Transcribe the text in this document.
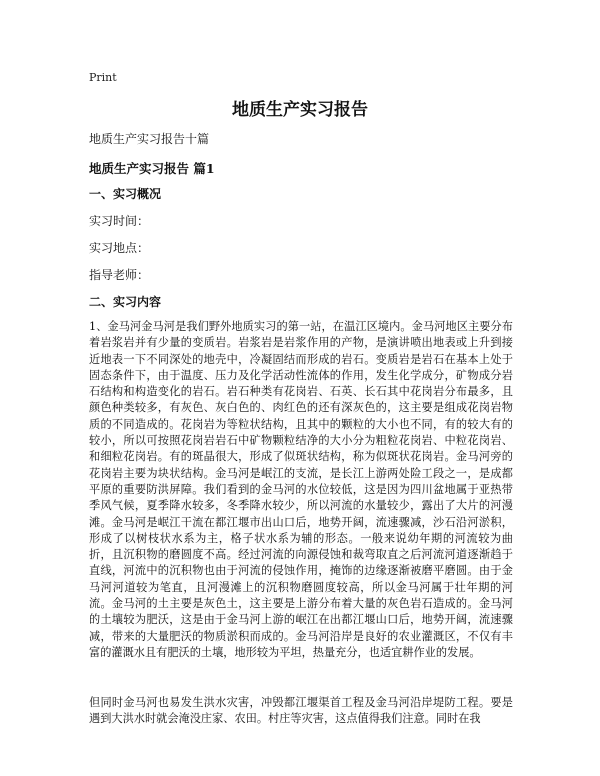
Print
地质生产实习报告
地质生产实习报告十篇
地质生产实习报告 篇1
一、实习概况
实习时间：
实习地点：
指导老师：
二、实习内容

1、金马河金马河是我们野外地质实习的第一站，在温江区境内。金马河地区主要分布着岩浆岩并有少量的变质岩。岩浆岩是岩浆作用的产物，是演讲喷出地表或上升到接近地表一下不同深处的地壳中，冷凝固结而形成的岩石。变质岩是岩石在基本上处于固态条件下，由于温度、压力及化学活动性流体的作用，发生化学成分，矿物成分岩石结构和构造变化的岩石。岩石种类有花岗岩、石英、长石其中花岗岩分布最多，且颜色种类较多，有灰色、灰白色的、肉红色的还有深灰色的，这主要是组成花岗岩物质的不同造成的。花岗岩为等粒状结构，且其中的颗粒的大小也不同，有的较大有的较小，所以可按照花岗岩岩石中矿物颗粒结净的大小分为粗粒花岗岩、中粒花岗岩、和细粒花岗岩。有的斑晶很大，形成了似斑状结构，称为似斑状花岗岩。金马河旁的花岗岩主要为块状结构。金马河是岷江的支流，是长江上游两处险工段之一，是成都平原的重要防洪屏障。我们看到的金马河的水位较低，这是因为四川盆地属于亚热带季风气候，夏季降水较多，冬季降水较少，所以河流的水量较少，露出了大片的河漫滩。金马河是岷江干流在都江堰市出山口后，地势开阔，流速骤减，沙石沿河淤积，形成了以树枝状水系为主，格子状水系为辅的形态。一般来说幼年期的河流较为曲折，且沉积物的磨圆度不高。经过河流的向源侵蚀和裁弯取直之后河流河道逐渐趋于直线，河流中的沉积物也由于河流的侵蚀作用，掩饰的边缘逐渐被磨平磨圆。由于金马河河道较为笔直，且河漫滩上的沉积物磨圆度较高，所以金马河属于壮年期的河流。金马河的土主要是灰色土，这主要是上游分布着大量的灰色岩石造成的。金马河的土壤较为肥沃，这是由于金马河上游的岷江在出都江堰山口后，地势开阔，流速骤减，带来的大量肥沃的物质淤积而成的。金马河沿岸是良好的农业灌溉区，不仅有丰富的灌溉水且有肥沃的土壤，地形较为平坦，热量充分，也适宜耕作业的发展。

但同时金马河也易发生洪水灾害，冲毁都江堰渠首工程及金马河沿岸堤防工程。要是遇到大洪水时就会淹没庄家、农田。村庄等灾害，这点值得我们注意。同时在我
